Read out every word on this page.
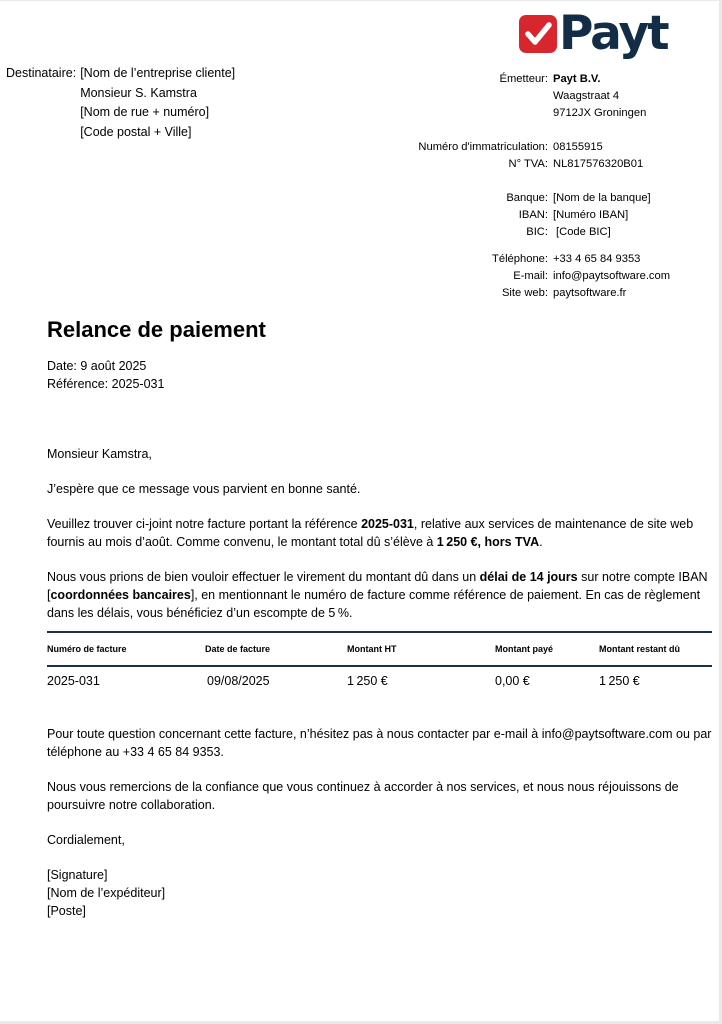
Payt
Destinataire: [Nom de l’entreprise cliente]
Monsieur S. Kamstra
[Nom de rue + numéro]
[Code postal + Ville]
Émetteur: Payt B.V.
Waagstraat 4
9712JX Groningen
Numéro d'immatriculation: 08155915
N° TVA: NL817576320B01
Banque: [Nom de la banque]
IBAN: [Numéro IBAN]
BIC: [Code BIC]
Téléphone: +33 4 65 84 9353
E-mail: info@paytsoftware.com
Site web: paytsoftware.fr
Relance de paiement
Date: 9 août 2025
Référence: 2025-031

Monsieur Kamstra,

J’espère que ce message vous parvient en bonne santé.

Veuillez trouver ci-joint notre facture portant la référence 2025-031, relative aux services de maintenance de site web fournis au mois d’août. Comme convenu, le montant total dû s’élève à 1 250 €, hors TVA.

Nous vous prions de bien vouloir effectuer le virement du montant dû dans un délai de 14 jours sur notre compte IBAN [coordonnées bancaires], en mentionnant le numéro de facture comme référence de paiement. En cas de règlement dans les délais, vous bénéficiez d’un escompte de 5 %.

Numéro de facture	Date de facture	Montant HT	Montant payé	Montant restant dû
2025-031	09/08/2025	1 250 €	0,00 €	1 250 €

Pour toute question concernant cette facture, n’hésitez pas à nous contacter par e-mail à info@paytsoftware.com ou par téléphone au +33 4 65 84 9353.

Nous vous remercions de la confiance que vous continuez à accorder à nos services, et nous nous réjouissons de poursuivre notre collaboration.

Cordialement,

[Signature]
[Nom de l’expéditeur]
[Poste]
